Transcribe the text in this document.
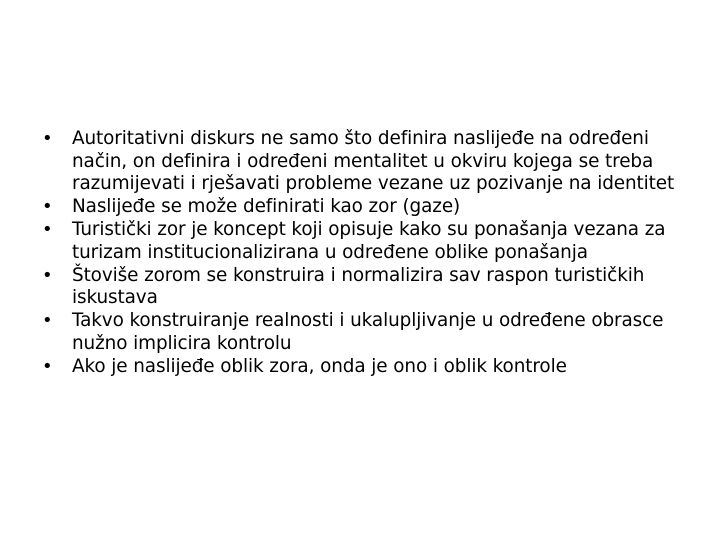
•	Autoritativni diskurs ne samo što definira naslijeđe na određeni način, on definira i određeni mentalitet u okviru kojega se treba razumijevati i rješavati probleme vezane uz pozivanje na identitet
•	Naslijeđe se može definirati kao zor (gaze)
•	Turistički zor je koncept koji opisuje kako su ponašanja vezana za turizam institucionalizirana u određene oblike ponašanja
•	Štoviše zorom se konstruira i normalizira sav raspon turističkih iskustava
•	Takvo konstruiranje realnosti i ukalupljivanje u određene obrasce nužno implicira kontrolu
•	Ako je naslijeđe oblik zora, onda je ono i oblik kontrole
